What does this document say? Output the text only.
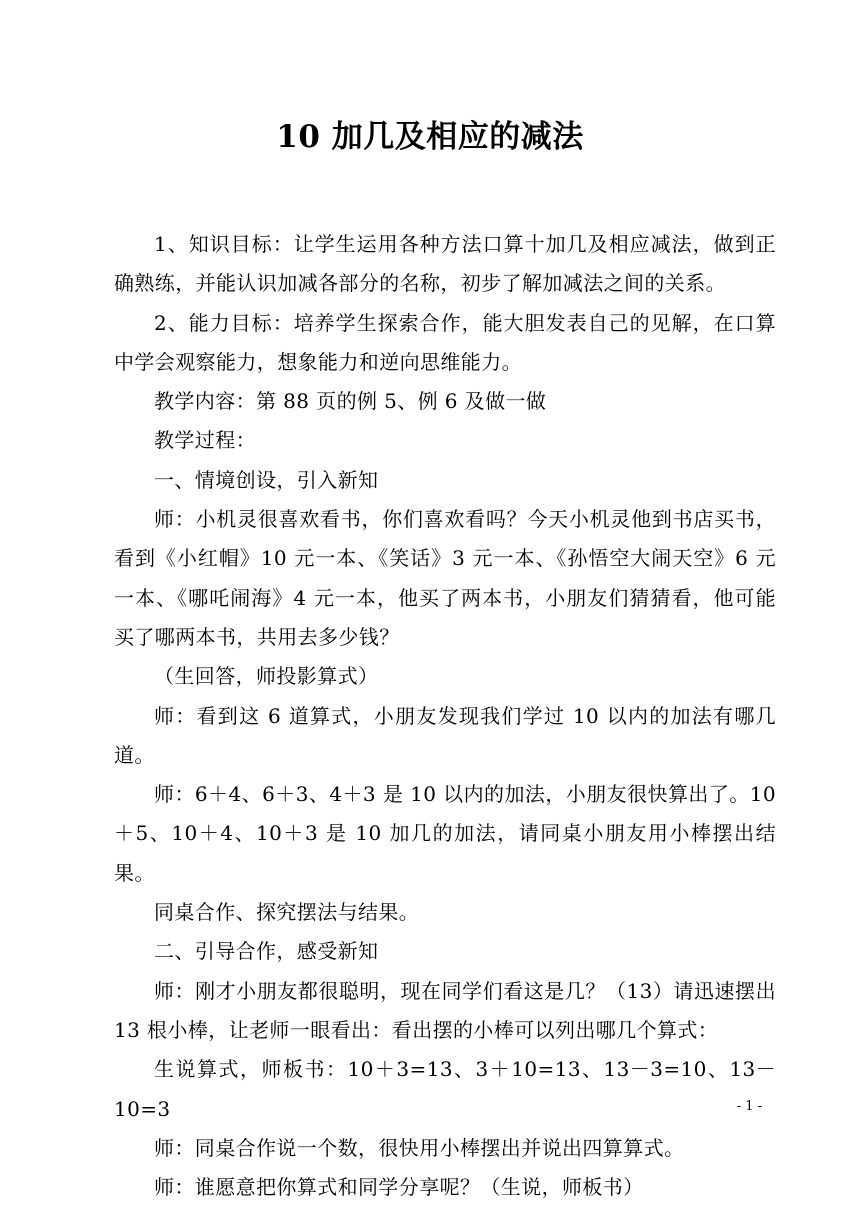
10 加几及相应的减法

1、知识目标：让学生运用各种方法口算十加几及相应减法，做到正确熟练，并能认识加减各部分的名称，初步了解加减法之间的关系。

2、能力目标：培养学生探索合作，能大胆发表自己的见解，在口算中学会观察能力，想象能力和逆向思维能力。

教学内容：第 88 页的例 5、例 6 及做一做

教学过程：

一、情境创设，引入新知

师：小机灵很喜欢看书，你们喜欢看吗？今天小机灵他到书店买书，看到《小红帽》10 元一本、《笑话》3 元一本、《孙悟空大闹天空》6 元一本、《哪吒闹海》4 元一本，他买了两本书，小朋友们猜猜看，他可能买了哪两本书，共用去多少钱？

（生回答，师投影算式）

师：看到这 6 道算式，小朋友发现我们学过 10 以内的加法有哪几道。

师：6＋4、6＋3、4＋3 是 10 以内的加法，小朋友很快算出了。10＋5、10＋4、10＋3 是 10 加几的加法，请同桌小朋友用小棒摆出结果。

同桌合作、探究摆法与结果。

二、引导合作，感受新知

师：刚才小朋友都很聪明，现在同学们看这是几？（13）请迅速摆出 13 根小棒，让老师一眼看出：看出摆的小棒可以列出哪几个算式：

生说算式，师板书：10＋3=13、3＋10=13、13－3=10、13－10=3

师：同桌合作说一个数，很快用小棒摆出并说出四算算式。

师：谁愿意把你算式和同学分享呢？（生说，师板书）

- 1 -
